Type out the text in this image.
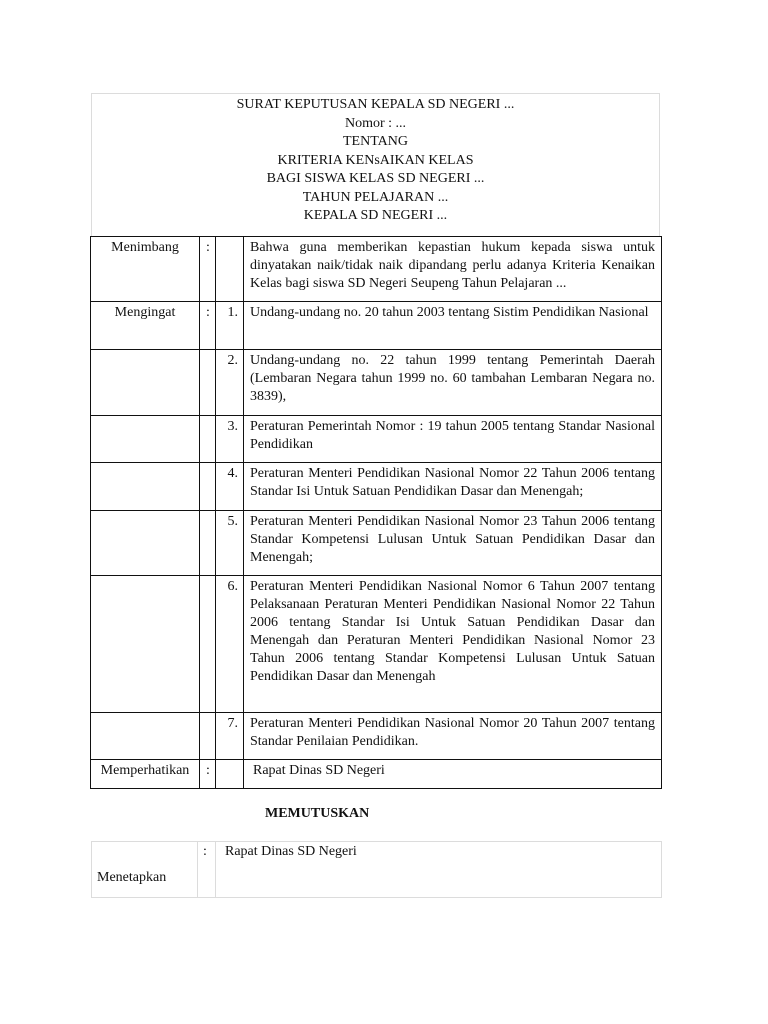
SURAT KEPUTUSAN KEPALA SD NEGERI ...
Nomor : ...
TENTANG
KRITERIA KENsAIKAN KELAS
BAGI SISWA KELAS SD NEGERI ...
TAHUN PELAJARAN ...
KEPALA SD NEGERI ...
Menimbang	:		Bahwa guna memberikan kepastian hukum kepada siswa untuk dinyatakan naik/tidak naik dipandang perlu adanya Kriteria Kenaikan Kelas bagi siswa SD Negeri Seupeng Tahun Pelajaran ...
Mengingat	:	1.	Undang-undang no. 20 tahun 2003 tentang Sistim Pendidikan Nasional
		2.	Undang-undang no. 22 tahun 1999 tentang Pemerintah Daerah (Lembaran Negara tahun 1999 no. 60 tambahan Lembaran Negara no. 3839),
		3.	Peraturan Pemerintah Nomor : 19 tahun 2005 tentang Standar Nasional Pendidikan
		4.	Peraturan Menteri Pendidikan Nasional Nomor 22 Tahun 2006 tentang Standar Isi Untuk Satuan Pendidikan Dasar dan Menengah;
		5.	Peraturan Menteri Pendidikan Nasional Nomor 23 Tahun 2006 tentang Standar Kompetensi Lulusan Untuk Satuan Pendidikan Dasar dan Menengah;
		6.	Peraturan Menteri Pendidikan Nasional Nomor 6 Tahun 2007 tentang Pelaksanaan Peraturan Menteri Pendidikan Nasional Nomor 22 Tahun 2006 tentang Standar Isi Untuk Satuan Pendidikan Dasar dan Menengah dan Peraturan Menteri Pendidikan Nasional Nomor 23 Tahun 2006 tentang Standar Kompetensi Lulusan Untuk Satuan Pendidikan Dasar dan Menengah
		7.	Peraturan Menteri Pendidikan Nasional Nomor 20 Tahun 2007 tentang Standar Penilaian Pendidikan.
Memperhatikan	:		Rapat Dinas SD Negeri
MEMUTUSKAN
Menetapkan	:	Rapat Dinas SD Negeri
